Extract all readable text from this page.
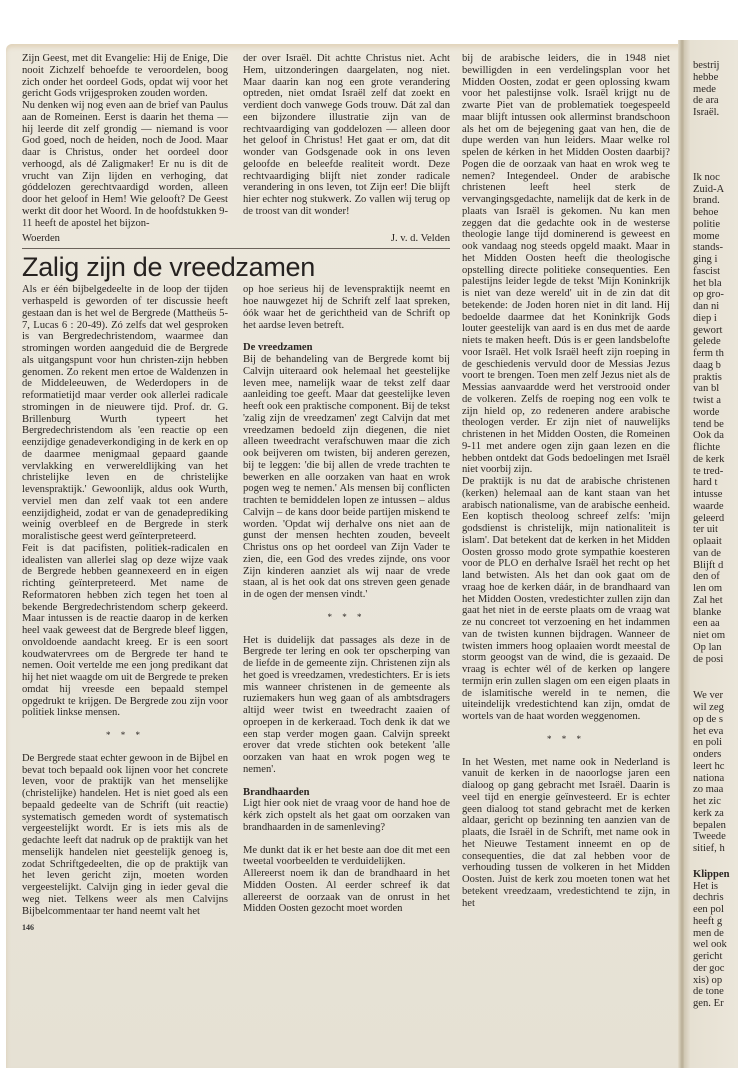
Zijn Geest, met dit Evangelie: Hij de Enige, Die nooit Zichzelf behoefde te veroordelen, boog zich onder het oordeel Gods, opdat wij voor het gericht Gods vrijgesproken zouden worden.

Nu denken wij nog even aan de brief van Paulus aan de Romeinen. Eerst is daarin het thema — hij leerde dit zelf grondig — niemand is voor God goed, noch de heiden, noch de Jood. Maar daar is Christus, onder het oordeel door verhoogd, als dé Zaligmaker! Er nu is dit de vrucht van Zijn lijden en verhoging, dat góddelozen gerechtvaardigd worden, alleen door het geloof in Hem! Wie gelooft? De Geest werkt dit door het Woord. In de hoofdstukken 9-11 heeft de apostel het bijzon-

der over Israël. Dit achtte Christus niet. Acht Hem, uitzonderingen daargelaten, nog niet. Maar daarin kan nog een grote verandering optreden, niet omdat Israël zelf dat zoekt en verdient doch vanwege Gods trouw. Dát zal dan een bijzondere illustratie zijn van de rechtvaardiging van goddelozen — alleen door het geloof in Christus! Het gaat er om, dat dit wonder van Godsgenade ook in ons leven geloofde en beleefde realiteit wordt. Deze rechtvaardiging blijft niet zonder radicale verandering in ons leven, tot Zijn eer! Die blijft hier echter nog stukwerk. Zo vallen wij terug op de troost van dit wonder!

Woerden	J. v. d. Velden
Zalig zijn de vreedzamen

Als er één bijbelgedeelte in de loop der tijden verhaspeld is geworden of ter discussie heeft gestaan dan is het wel de Bergrede (Mattheüs 5-7, Lucas 6 : 20-49). Zó zelfs dat wel gesproken is van Bergredechristendom, waarmee dan stromingen worden aangeduid die de Bergrede als uitgangspunt voor hun christen-zijn hebben genomen. Zo rekent men ertoe de Waldenzen in de Middeleeuwen, de Wederdopers in de reformatietijd maar verder ook allerlei radicale stromingen in de nieuwere tijd. Prof. dr. G. Brillenburg Wurth typeert het Bergredechristendom als 'een reactie op een eenzijdige genadeverkondiging in de kerk en op de daarmee menigmaal gepaard gaande vervlakking en verwereldlijking van het christelijke leven en de christelijke levenspraktijk.' Gewoonlijk, aldus ook Wurth, verviel men dan zelf vaak tot een andere eenzijdigheid, zodat er van de genadeprediking weinig overbleef en de Bergrede in sterk moralistische geest werd geïnterpreteerd.

Feit is dat pacifisten, politiek-radicalen en idealisten van allerlei slag op deze wijze vaak de Bergrede hebben geannexeerd en in eigen richting geïnterpreteerd. Met name de Reformatoren hebben zich tegen het toen al bekende Bergredechristendom scherp gekeerd. Maar intussen is de reactie daarop in de kerken heel vaak geweest dat de Bergrede bleef liggen, onvoldoende aandacht kreeg. Er is een soort koudwatervrees om de Bergrede ter hand te nemen. Ooit vertelde me een jong predikant dat hij het niet waagde om uit de Bergrede te preken omdat hij vreesde een bepaald stempel opgedrukt te krijgen. De Bergrede zou zijn voor politiek linkse mensen.

* * *

De Bergrede staat echter gewoon in de Bijbel en bevat toch bepaald ook lijnen voor het concrete leven, voor de praktijk van het menselijke (christelijke) handelen. Het is niet goed als een bepaald gedeelte van de Schrift (uit reactie) systematisch gemeden wordt of systematisch vergeestelijkt wordt. Er is iets mis als de gedachte leeft dat nadruk op de praktijk van het menselijk handelen niet geestelijk genoeg is, zodat Schriftgedeelten, die op de praktijk van het leven gericht zijn, moeten worden vergeestelijkt. Calvijn ging in ieder geval die weg niet. Telkens weer als men Calvijns Bijbelcommentaar ter hand neemt valt het

op hoe serieus hij de levenspraktijk neemt en hoe nauwgezet hij de Schrift zelf laat spreken, óók waar het de gerichtheid van de Schrift op het aardse leven betreft.

De vreedzamen

Bij de behandeling van de Bergrede komt bij Calvijn uiteraard ook helemaal het geestelijke leven mee, namelijk waar de tekst zelf daar aanleiding toe geeft. Maar dat geestelijke leven heeft ook een praktische component. Bij de tekst 'zalig zijn de vreedzamen' zegt Calvijn dat met vreedzamen bedoeld zijn diegenen, die niet alleen tweedracht verafschuwen maar die zich ook beijveren om twisten, bij anderen gerezen, bij te leggen: 'die bij allen de vrede trachten te bewerken en alle oorzaken van haat en wrok pogen weg te nemen.' Als mensen bij conflicten trachten te bemiddelen lopen ze intussen – aldus Calvijn – de kans door beide partijen miskend te worden. 'Opdat wij derhalve ons niet aan de gunst der mensen hechten zouden, beveelt Christus ons op het oordeel van Zijn Vader te zien, die, een God des vredes zijnde, ons voor Zijn kinderen aanziet als wij naar de vrede staan, al is het ook dat ons streven geen genade in de ogen der mensen vindt.'

* * *

Het is duidelijk dat passages als deze in de Bergrede ter lering en ook ter opscherping van de liefde in de gemeente zijn. Christenen zijn als het goed is vreedzamen, vredestichters. Er is iets mis wanneer christenen in de gemeente als ruziemakers hun weg gaan of als ambtsdragers altijd weer twist en tweedracht zaaien of oproepen in de kerkeraad. Toch denk ik dat we een stap verder mogen gaan. Calvijn spreekt erover dat vrede stichten ook betekent 'alle oorzaken van haat en wrok pogen weg te nemen'.

Brandhaarden

Ligt hier ook niet de vraag voor de hand hoe de kérk zich opstelt als het gaat om oorzaken van brandhaarden in de samenleving?

Me dunkt dat ik er het beste aan doe dit met een tweetal voorbeelden te verduidelijken.

Allereerst noem ik dan de brandhaard in het Midden Oosten. Al eerder schreef ik dat allereerst de oorzaak van de onrust in het Midden Oosten gezocht moet worden

146

bij de arabische leiders, die in 1948 niet bewilligden in een verdelingsplan voor het Midden Oosten, zodat er geen oplossing kwam voor het palestijnse volk. Israël krijgt nu de zwarte Piet van de problematiek toegespeeld maar blijft intussen ook allerminst brandschoon als het om de bejegening gaat van hen, die de dupe werden van hun leiders. Maar welke rol spelen de kérken in het Midden Oosten daarbij? Pogen die de oorzaak van haat en wrok weg te nemen? Integendeel. Onder de arabische christenen leeft heel sterk de vervangingsgedachte, namelijk dat de kerk in de plaats van Israël is gekomen. Nu kan men zeggen dat die gedachte ook in de westerse theologie lange tijd dominerend is geweest en ook vandaag nog steeds opgeld maakt. Maar in het Midden Oosten heeft die theologische opstelling directe politieke consequenties. Een palestijns leider legde de tekst 'Mijn Koninkrijk is niet van deze wereld' uit in de zin dat dit betekende: de Joden horen niet in dit land. Hij bedoelde daarmee dat het Koninkrijk Gods louter geestelijk van aard is en dus met de aarde niets te maken heeft. Dús is er geen landsbelofte voor Israël. Het volk Israël heeft zijn roeping in de geschiedenis vervuld door de Messias Jezus voort te brengen. Toen men zelf Jezus niet als de Messias aanvaardde werd het verstrooid onder de volkeren. Zelfs de roeping nog een volk te zijn hield op, zo redeneren andere arabische theologen verder. Er zijn niet of nauwelijks christenen in het Midden Oosten, die Romeinen 9-11 met andere ogen zijn gaan lezen en die hebben ontdekt dat Gods bedoelingen met Israël niet voorbij zijn.

De praktijk is nu dat de arabische christenen (kerken) helemaal aan de kant staan van het arabisch nationalisme, van de arabische eenheid. Een koptisch theoloog schreef zelfs: 'mijn godsdienst is christelijk, mijn nationaliteit is islam'. Dat betekent dat de kerken in het Midden Oosten grosso modo grote sympathie koesteren voor de PLO en derhalve Israël het recht op het land betwisten. Als het dan ook gaat om de vraag hoe de kerken dáár, in de brandhaard van het Midden Oosten, vredestichter zullen zijn dan gaat het niet in de eerste plaats om de vraag wat ze nu concreet tot verzoening en het indammen van de twisten kunnen bijdragen. Wanneer de twisten immers hoog oplaaien wordt meestal de storm geoogst van de wind, die is gezaaid. De vraag is echter wél of de kerken op langere termijn erin zullen slagen om een eigen plaats in de islamitische wereld in te nemen, die uiteindelijk vredestichtend kan zijn, omdat de wortels van de haat worden weggenomen.

* * *

In het Westen, met name ook in Nederland is vanuit de kerken in de naoorlogse jaren een dialoog op gang gebracht met Israël. Daarin is veel tijd en energie geïnvesteerd. Er is echter geen dialoog tot stand gebracht met de kerken aldaar, gericht op bezinning ten aanzien van de plaats, die Israël in de Schrift, met name ook in het Nieuwe Testament inneemt en op de consequenties, die dat zal hebben voor de verhouding tussen de volkeren in het Midden Oosten. Juist de kerk zou moeten tonen wat het betekent vreedzaam, vredestichtend te zijn, in het

bestrij
hebbe
mede
de ara
Israël.
Ik noc
Zuid-A
brand.
behoe
politie
mome
stands-
ging i
fascist
het bla
op gro-
dan ni
diep i
gewort
gelede
ferm th
daag b
praktis
van bl
twist a
worde
tend be
Ook da
flichte
de kerk
te tred-
hard t
intusse
waarde
geleerd
ter uit
oplaait
van de
Blijft d
den of
len om
Zal het
blanke
een aa
niet om
Op lan
de posi
We ver
wil zeg
op de s
het eva
en poli
onders
leert hc
nationa
zo maa
het zic
kerk za
bepalen
Tweede
sitief, h
Klippen
Het is
dechris
een pol
heeft g
men de
wel ook
gericht
der goc
xis) op
de tone
gen. Er
